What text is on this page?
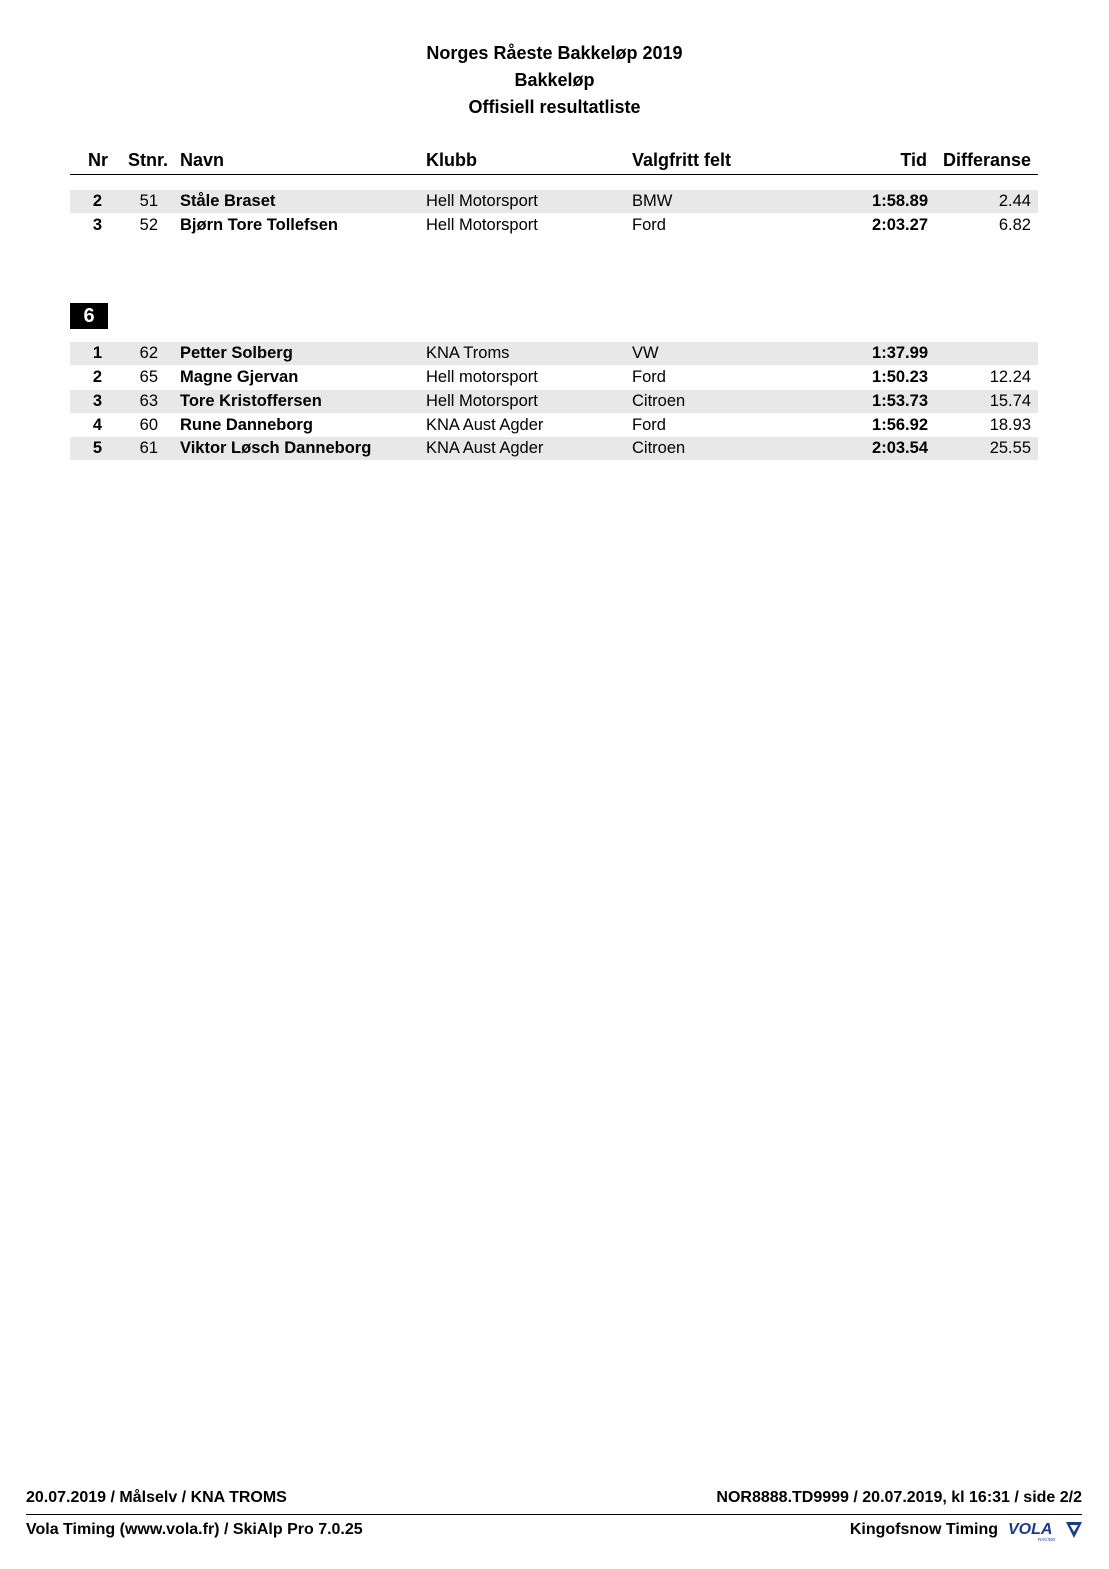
Norges Råeste Bakkeløp 2019
Bakkeløp
Offisiell resultatliste
Nr	Stnr. Navn	Klubb	Valgfritt felt	Tid Differanse
2	51 Ståle Braset	Hell Motorsport	BMW	1:58.89	2.44
3	52 Bjørn Tore Tollefsen	Hell Motorsport	Ford	2:03.27	6.82
6
1	62 Petter Solberg	KNA Troms	VW	1:37.99
2	65 Magne Gjervan	Hell motorsport	Ford	1:50.23	12.24
3	63 Tore Kristoffersen	Hell Motorsport	Citroen	1:53.73	15.74
4	60 Rune Danneborg	KNA Aust Agder	Ford	1:56.92	18.93
5	61 Viktor Løsch Danneborg	KNA Aust Agder	Citroen	2:03.54	25.55
20.07.2019 / Målselv / KNA TROMS	NOR8888.TD9999 / 20.07.2019, kl 16:31 / side 2/2
Vola Timing (www.vola.fr) / SkiAlp Pro 7.0.25	Kingofsnow Timing VOLA
RACING
